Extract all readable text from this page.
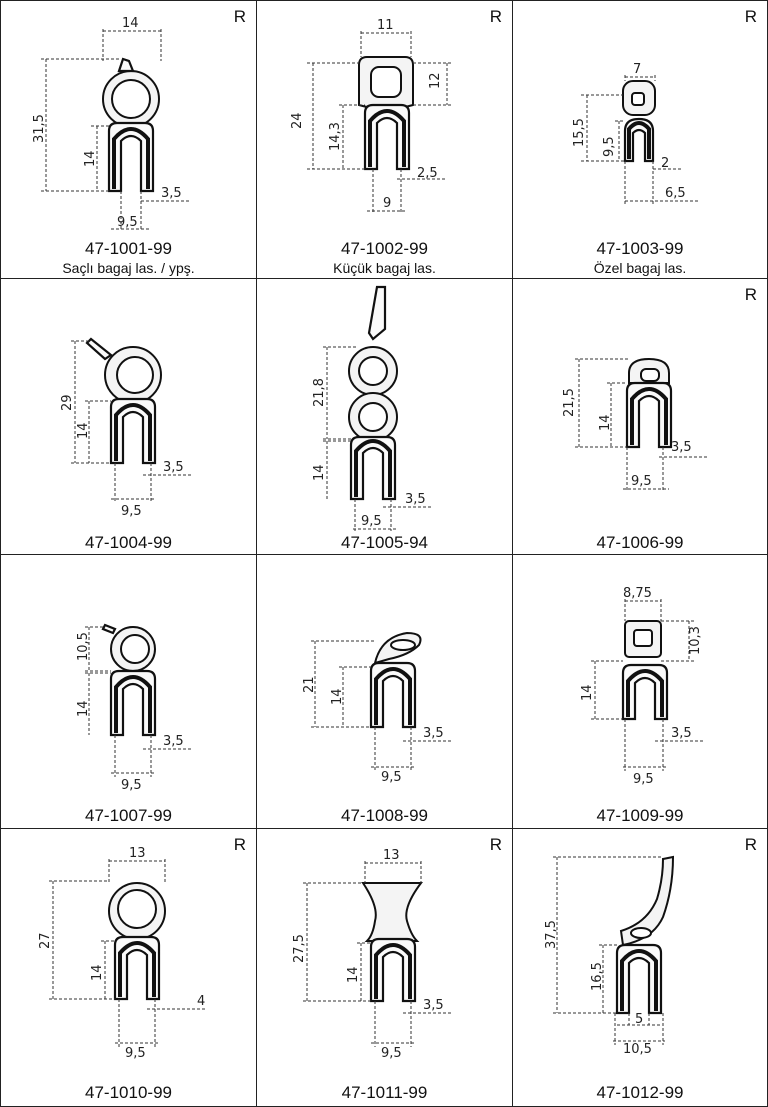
R
14
31,5
14
3,5
9,5
47-1001-99
Saçlı bagaj las. / ypş.
R
11
24
12
14,3
2,5
9
47-1002-99
Küçük bagaj las.
R
7
15,5 9,5
2
6,5
47-1003-99
Özel bagaj las.
29
14
3,5
9,5
47-1004-99
21,8
14
3,5
9,5
47-1005-94
R
21,5
14
3,5
9,5
47-1006-99
10,5
14
3,5
9,5
47-1007-99
21
14
3,5
9,5
47-1008-99
8,75
10,3
14
3,5
9,5
47-1009-99
R
13
27
14
4
9,5
47-1010-99
R
13
27,5
14
3,5
9,5
47-1011-99
R
37,5
16,5
5
10,5
47-1012-99
